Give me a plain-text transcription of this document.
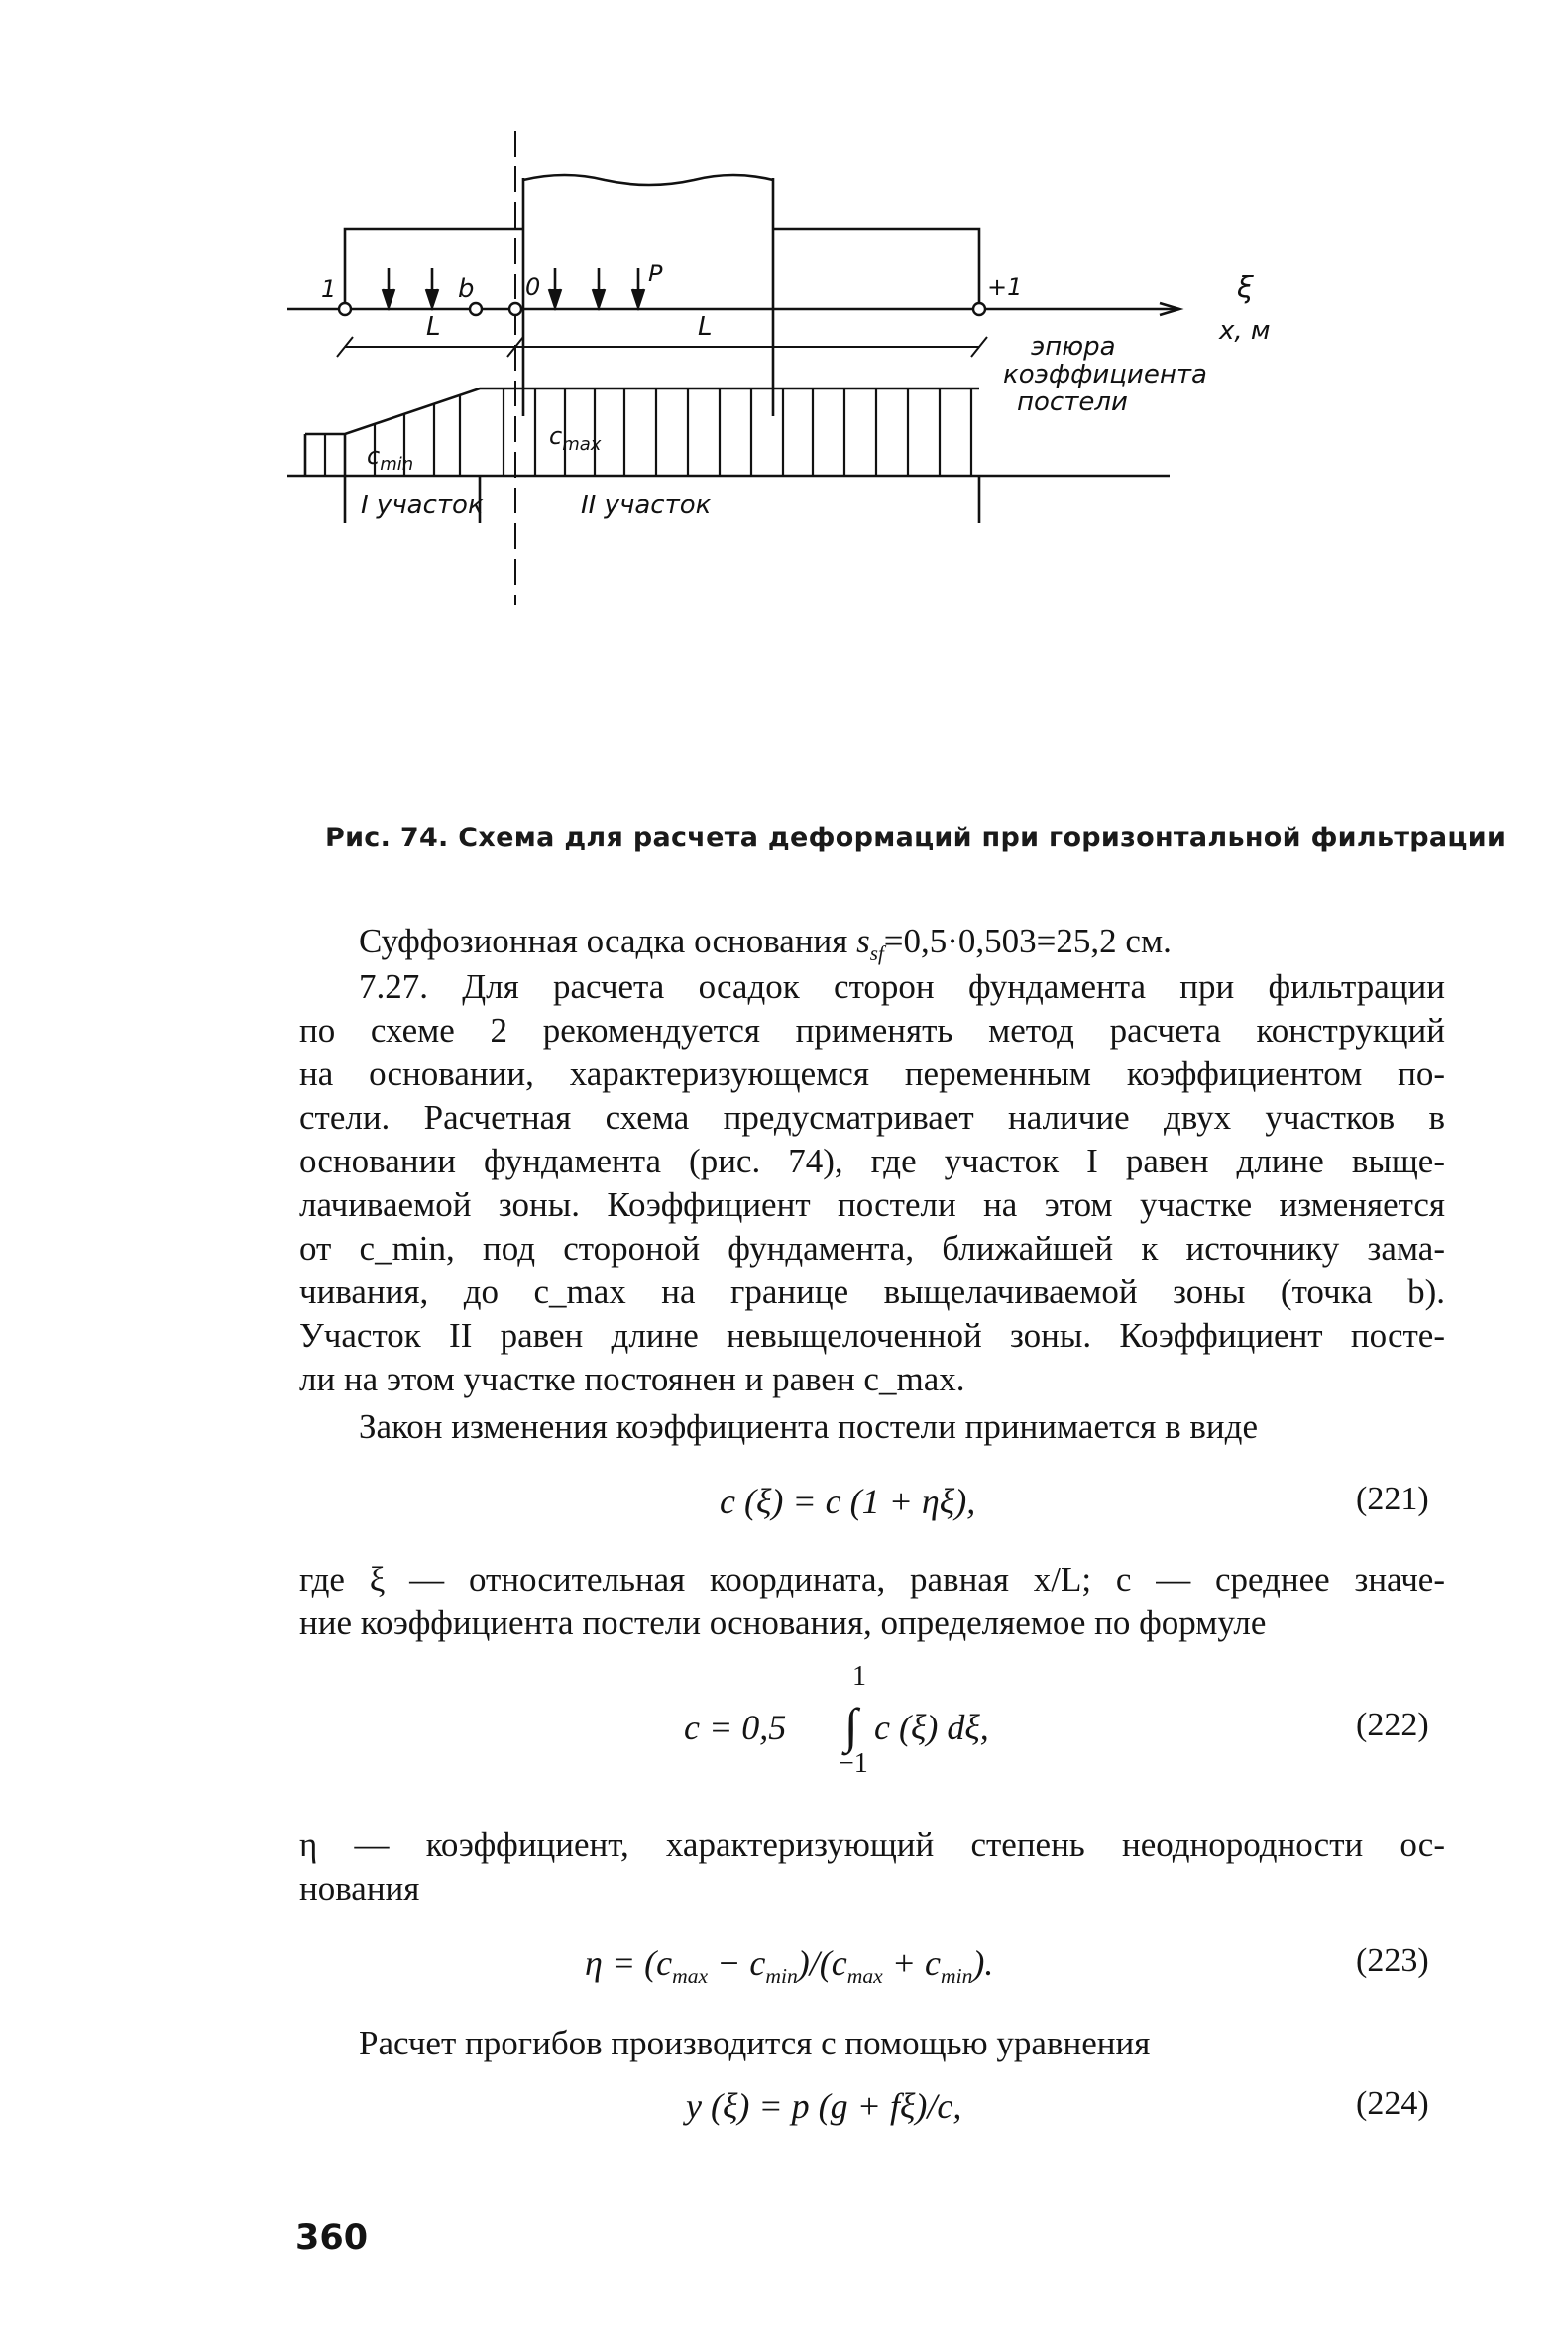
1	b 0	P	+1	ξ
x, м
L	L
эпюра
коэффициента
постели
$c_{min}$
$c_{max}$
I участок	II участок
Рис. 74. Схема для расчета деформаций при горизонтальной фильтрации
Суффозионная осадка основания $s_{sf}=0,5\cdot 0,503=25,2$ см.
7.27. Для расчета осадок сторон фундамента при фильтрации
по схеме 2 рекомендуется применять метод расчета конструкций
на основании, характеризующемся переменным коэффициентом по-
стели. Расчетная схема предусматривает наличие двух участков в
основании фундамента (рис. 74), где участок I равен длине выще-
лачиваемой зоны. Коэффициент постели на этом участке изменяется
от c_min, под стороной фундамента, ближайшей к источнику зама-
чивания, до c_max на границе выщелачиваемой зоны (точка b).
Участок II равен длине невыщелоченной зоны. Коэффициент посте-
ли на этом участке постоянен и равен c_max.
Закон изменения коэффициента постели принимается в виде
c (ξ) = c (1 + ηξ),	(221)
где ξ — относительная координата, равная x/L; c — среднее значе-
ние коэффициента постели основания, определяемое по формуле
1
c = 0,5 ∫ c (ξ) dξ,
−1
(222)
η — коэффициент, характеризующий степень неоднородности ос-
нования
$\eta = (c_{max} - c_{min})/(c_{max} + c_{min})$.	(223)
Расчет прогибов производится с помощью уравнения
y (ξ) = p (g + fξ)/c,	(224)
360
